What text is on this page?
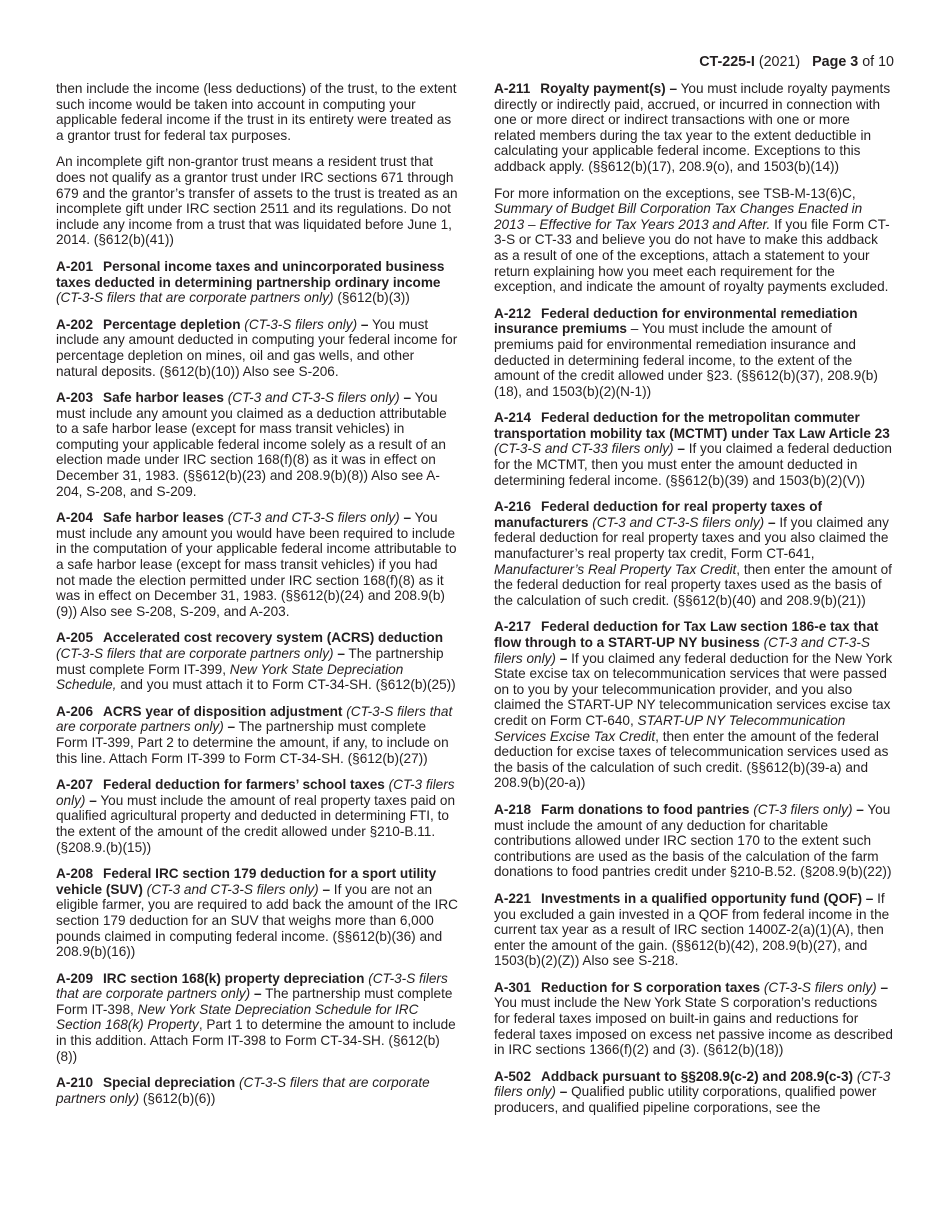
CT-225-I (2021) Page 3 of 10

then include the income (less deductions) of the trust, to the extent such income would be taken into account in computing your applicable federal income if the trust in its entirety were treated as a grantor trust for federal tax purposes.

An incomplete gift non-grantor trust means a resident trust that does not qualify as a grantor trust under IRC sections 671 through 679 and the grantor’s transfer of assets to the trust is treated as an incomplete gift under IRC section 2511 and its regulations. Do not include any income from a trust that was liquidated before June 1, 2014. (§612(b)(41))

A-201 Personal income taxes and unincorporated business taxes deducted in determining partnership ordinary income (CT-3-S filers that are corporate partners only) (§612(b)(3))

A-202 Percentage depletion (CT-3-S filers only) – You must include any amount deducted in computing your federal income for percentage depletion on mines, oil and gas wells, and other natural deposits. (§612(b)(10)) Also see S-206.

A-203 Safe harbor leases (CT-3 and CT-3-S filers only) – You must include any amount you claimed as a deduction attributable to a safe harbor lease (except for mass transit vehicles) in computing your applicable federal income solely as a result of an election made under IRC section 168(f)(8) as it was in effect on December 31, 1983. (§§612(b)(23) and 208.9(b)(8)) Also see A-204, S-208, and S-209.

A-204 Safe harbor leases (CT-3 and CT-3-S filers only) – You must include any amount you would have been required to include in the computation of your applicable federal income attributable to a safe harbor lease (except for mass transit vehicles) if you had not made the election permitted under IRC section 168(f)(8) as it was in effect on December 31, 1983. (§§612(b)(24) and 208.9(b)(9)) Also see S-208, S-209, and A-203.

A-205 Accelerated cost recovery system (ACRS) deduction (CT-3-S filers that are corporate partners only) – The partnership must complete Form IT-399, New York State Depreciation Schedule, and you must attach it to Form CT-34-SH. (§612(b)(25))

A-206 ACRS year of disposition adjustment (CT-3-S filers that are corporate partners only) – The partnership must complete Form IT-399, Part 2 to determine the amount, if any, to include on this line. Attach Form IT-399 to Form CT-34-SH. (§612(b)(27))

A-207 Federal deduction for farmers’ school taxes (CT-3 filers only) – You must include the amount of real property taxes paid on qualified agricultural property and deducted in determining FTI, to the extent of the amount of the credit allowed under §210-B.11. (§208.9.(b)(15))

A-208 Federal IRC section 179 deduction for a sport utility vehicle (SUV) (CT-3 and CT-3-S filers only) – If you are not an eligible farmer, you are required to add back the amount of the IRC section 179 deduction for an SUV that weighs more than 6,000 pounds claimed in computing federal income. (§§612(b)(36) and 208.9(b)(16))

A-209 IRC section 168(k) property depreciation (CT-3-S filers that are corporate partners only) – The partnership must complete Form IT-398, New York State Depreciation Schedule for IRC Section 168(k) Property, Part 1 to determine the amount to include in this addition. Attach Form IT-398 to Form CT-34-SH. (§612(b)(8))

A-210 Special depreciation (CT-3-S filers that are corporate partners only) (§612(b)(6))

A-211 Royalty payment(s) – You must include royalty payments directly or indirectly paid, accrued, or incurred in connection with one or more direct or indirect transactions with one or more related members during the tax year to the extent deductible in calculating your applicable federal income. Exceptions to this addback apply. (§§612(b)(17), 208.9(o), and 1503(b)(14))

For more information on the exceptions, see TSB-M-13(6)C, Summary of Budget Bill Corporation Tax Changes Enacted in 2013 – Effective for Tax Years 2013 and After. If you file Form CT-3-S or CT-33 and believe you do not have to make this addback as a result of one of the exceptions, attach a statement to your return explaining how you meet each requirement for the exception, and indicate the amount of royalty payments excluded.

A-212 Federal deduction for environmental remediation insurance premiums – You must include the amount of premiums paid for environmental remediation insurance and deducted in determining federal income, to the extent of the amount of the credit allowed under §23. (§§612(b)(37), 208.9(b)(18), and 1503(b)(2)(N-1))

A-214 Federal deduction for the metropolitan commuter transportation mobility tax (MCTMT) under Tax Law Article 23 (CT-3-S and CT-33 filers only) – If you claimed a federal deduction for the MCTMT, then you must enter the amount deducted in determining federal income. (§§612(b)(39) and 1503(b)(2)(V))

A-216 Federal deduction for real property taxes of manufacturers (CT-3 and CT-3-S filers only) – If you claimed any federal deduction for real property taxes and you also claimed the manufacturer’s real property tax credit, Form CT-641, Manufacturer’s Real Property Tax Credit, then enter the amount of the federal deduction for real property taxes used as the basis of the calculation of such credit. (§§612(b)(40) and 208.9(b)(21))

A-217 Federal deduction for Tax Law section 186-e tax that flow through to a START-UP NY business (CT-3 and CT-3-S filers only) – If you claimed any federal deduction for the New York State excise tax on telecommunication services that were passed on to you by your telecommunication provider, and you also claimed the START-UP NY telecommunication services excise tax credit on Form CT-640, START-UP NY Telecommunication Services Excise Tax Credit, then enter the amount of the federal deduction for excise taxes of telecommunication services used as the basis of the calculation of such credit. (§§612(b)(39-a) and 208.9(b)(20-a))

A-218 Farm donations to food pantries (CT-3 filers only) – You must include the amount of any deduction for charitable contributions allowed under IRC section 170 to the extent such contributions are used as the basis of the calculation of the farm donations to food pantries credit under §210-B.52. (§208.9(b)(22))

A-221 Investments in a qualified opportunity fund (QOF) – If you excluded a gain invested in a QOF from federal income in the current tax year as a result of IRC section 1400Z-2(a)(1)(A), then enter the amount of the gain. (§§612(b)(42), 208.9(b)(27), and 1503(b)(2)(Z)) Also see S-218.

A-301 Reduction for S corporation taxes (CT-3-S filers only) – You must include the New York State S corporation’s reductions for federal taxes imposed on built-in gains and reductions for federal taxes imposed on excess net passive income as described in IRC sections 1366(f)(2) and (3). (§612(b)(18))

A-502 Addback pursuant to §§208.9(c-2) and 208.9(c-3) (CT-3 filers only) – Qualified public utility corporations, qualified power producers, and qualified pipeline corporations, see the
